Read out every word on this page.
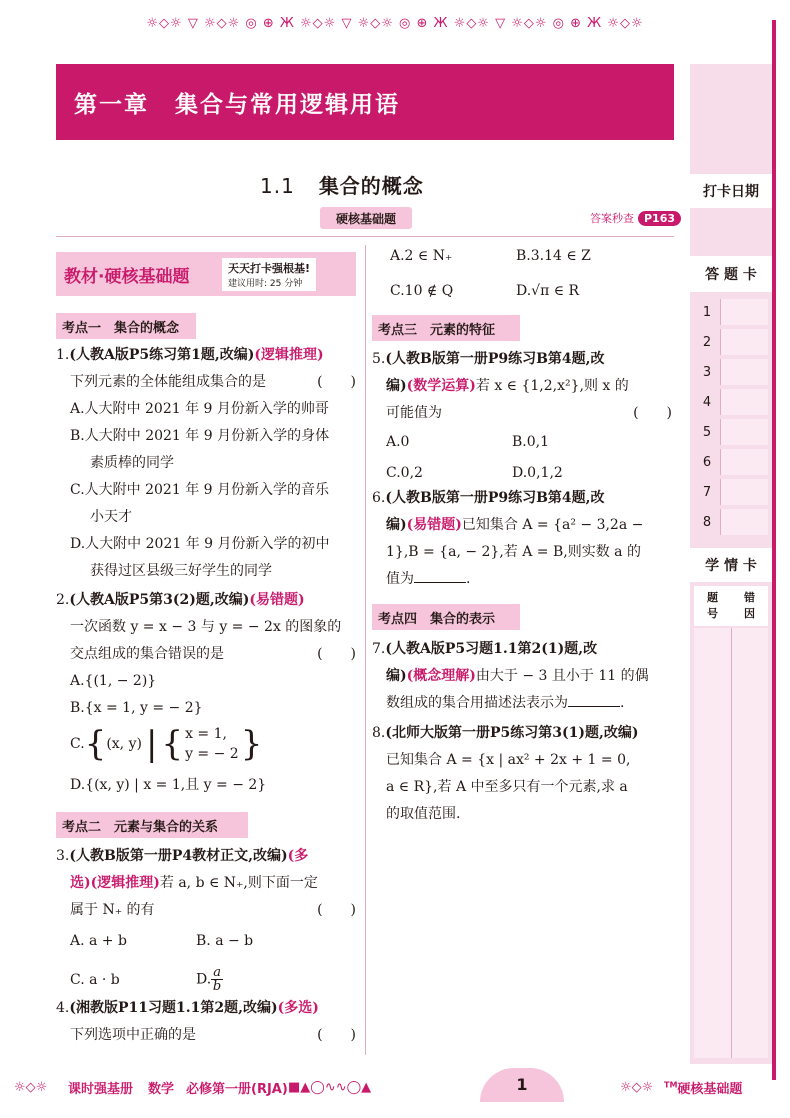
☼◇☼ ▽ ☼◇☼ ◎ ⊕ Ж ☼◇☼ ▽ ☼◇☼ ◎ ⊕ Ж ☼◇☼ ▽ ☼◇☼ ◎ ⊕ Ж ☼◇☼
第一章 集合与常用逻辑用语
打卡日期
答 题 卡
1
2
3
4
5
6
7
8
学 情 卡
题
号
错
因
1.1 集合的概念
硬核基础题	答案秒查 P163
教材·硬核基础题	天天打卡强根基!
建议用时: 25 分钟
考点一　集合的概念
1.(人教A版P5练习第1题,改编)(逻辑推理)
下列元素的全体能组成集合的是	(　　)
A.人大附中 2021 年 9 月份新入学的帅哥
B.人大附中 2021 年 9 月份新入学的身体
素质棒的同学
C.人大附中 2021 年 9 月份新入学的音乐
小天才
D.人大附中 2021 年 9 月份新入学的初中
获得过区县级三好学生的同学
2.(人教A版P5第3(2)题,改编)(易错题)
一次函数 y = x − 3 与 y = − 2x 的图象的
交点组成的集合错误的是	(　　)
A.{(1, − 2)}
B.{x = 1, y = − 2}
C. { (x, y) | { x = 1,
y = − 2 }
D.{(x, y) | x = 1,且 y = − 2}
考点二　元素与集合的关系
3.(人教B版第一册P4教材正文,改编)(多
选)(逻辑推理)若 a, b ∈ N₊,则下面一定
属于 N₊ 的有	(　　)
A. a + b	B. a − b
C. a · b	D. $\frac{a}{b}$
4.(湘教版P11习题1.1第2题,改编)(多选)
下列选项中正确的是	(　　)
A.2 ∈ N₊	B.3.14 ∈ Z
C.10 ∉ Q	D.√π ∈ R
考点三　元素的特征
5.(人教B版第一册P9练习B第4题,改
编)(数学运算)若 x ∈ {1,2,x²},则 x 的
可能值为	(　　)
A.0	B.0,1
C.0,2	D.0,1,2
6.(人教B版第一册P9练习B第4题,改
编)(易错题)已知集合 A = {a² − 3,2a −
1},B = {a, − 2},若 A = B,则实数 a 的
值为	.
考点四　集合的表示
7.(人教A版P5习题1.1第2(1)题,改
编)(概念理解)由大于 − 3 且小于 11 的偶
数组成的集合用描述法表示为	.
8.(北师大版第一册P5练习第3(1)题,改编)
已知集合 A = {x | ax² + 2x + 1 = 0,
a ∈ R},若 A 中至多只有一个元素,求 a
的取值范围.
☼◇☼ 课时强基册 数学 必修第一册(RJA) ■▲◯∿∿◯▲	1	☼◇☼ ™硬核基础题
